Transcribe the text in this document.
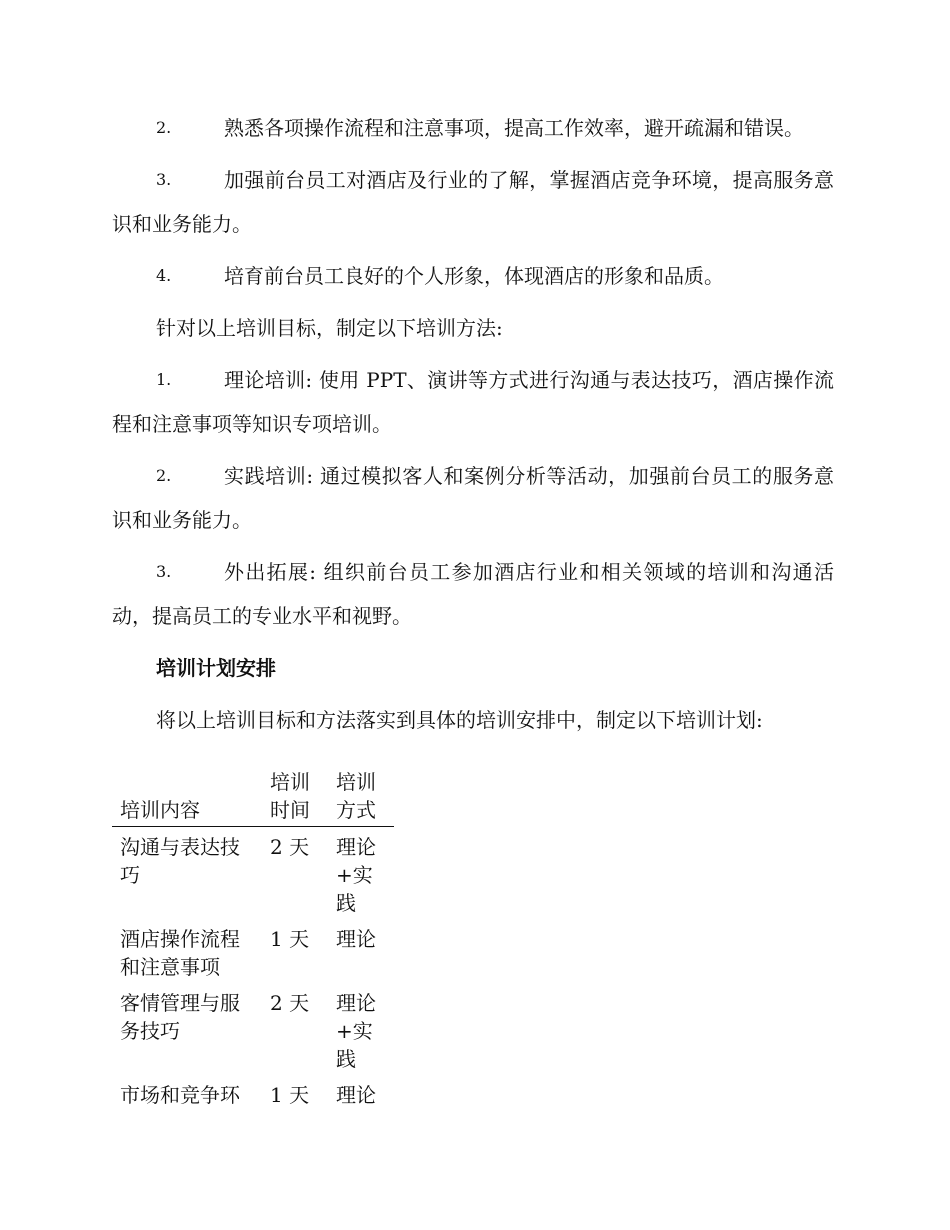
2.	熟悉各项操作流程和注意事项，提高工作效率，避开疏漏和错误。
3.	加强前台员工对酒店及行业的了解，掌握酒店竞争环境，提高服务意识和业务能力。
4.	培育前台员工良好的个人形象，体现酒店的形象和品质。

针对以上培训目标，制定以下培训方法:

1.	理论培训: 使用 PPT、演讲等方式进行沟通与表达技巧，酒店操作流程和注意事项等知识专项培训。
2.	实践培训: 通过模拟客人和案例分析等活动，加强前台员工的服务意识和业务能力。
3.	外出拓展: 组织前台员工参加酒店行业和相关领域的培训和沟通活动，提高员工的专业水平和视野。
培训计划安排

将以上培训目标和方法落实到具体的培训安排中，制定以下培训计划:

培训内容	培训时间	培训方式
沟通与表达技巧	2 天	理论+实践
酒店操作流程和注意事项	1 天	理论
客情管理与服务技巧	2 天	理论+实践
市场和竞争环	1 天	理论
